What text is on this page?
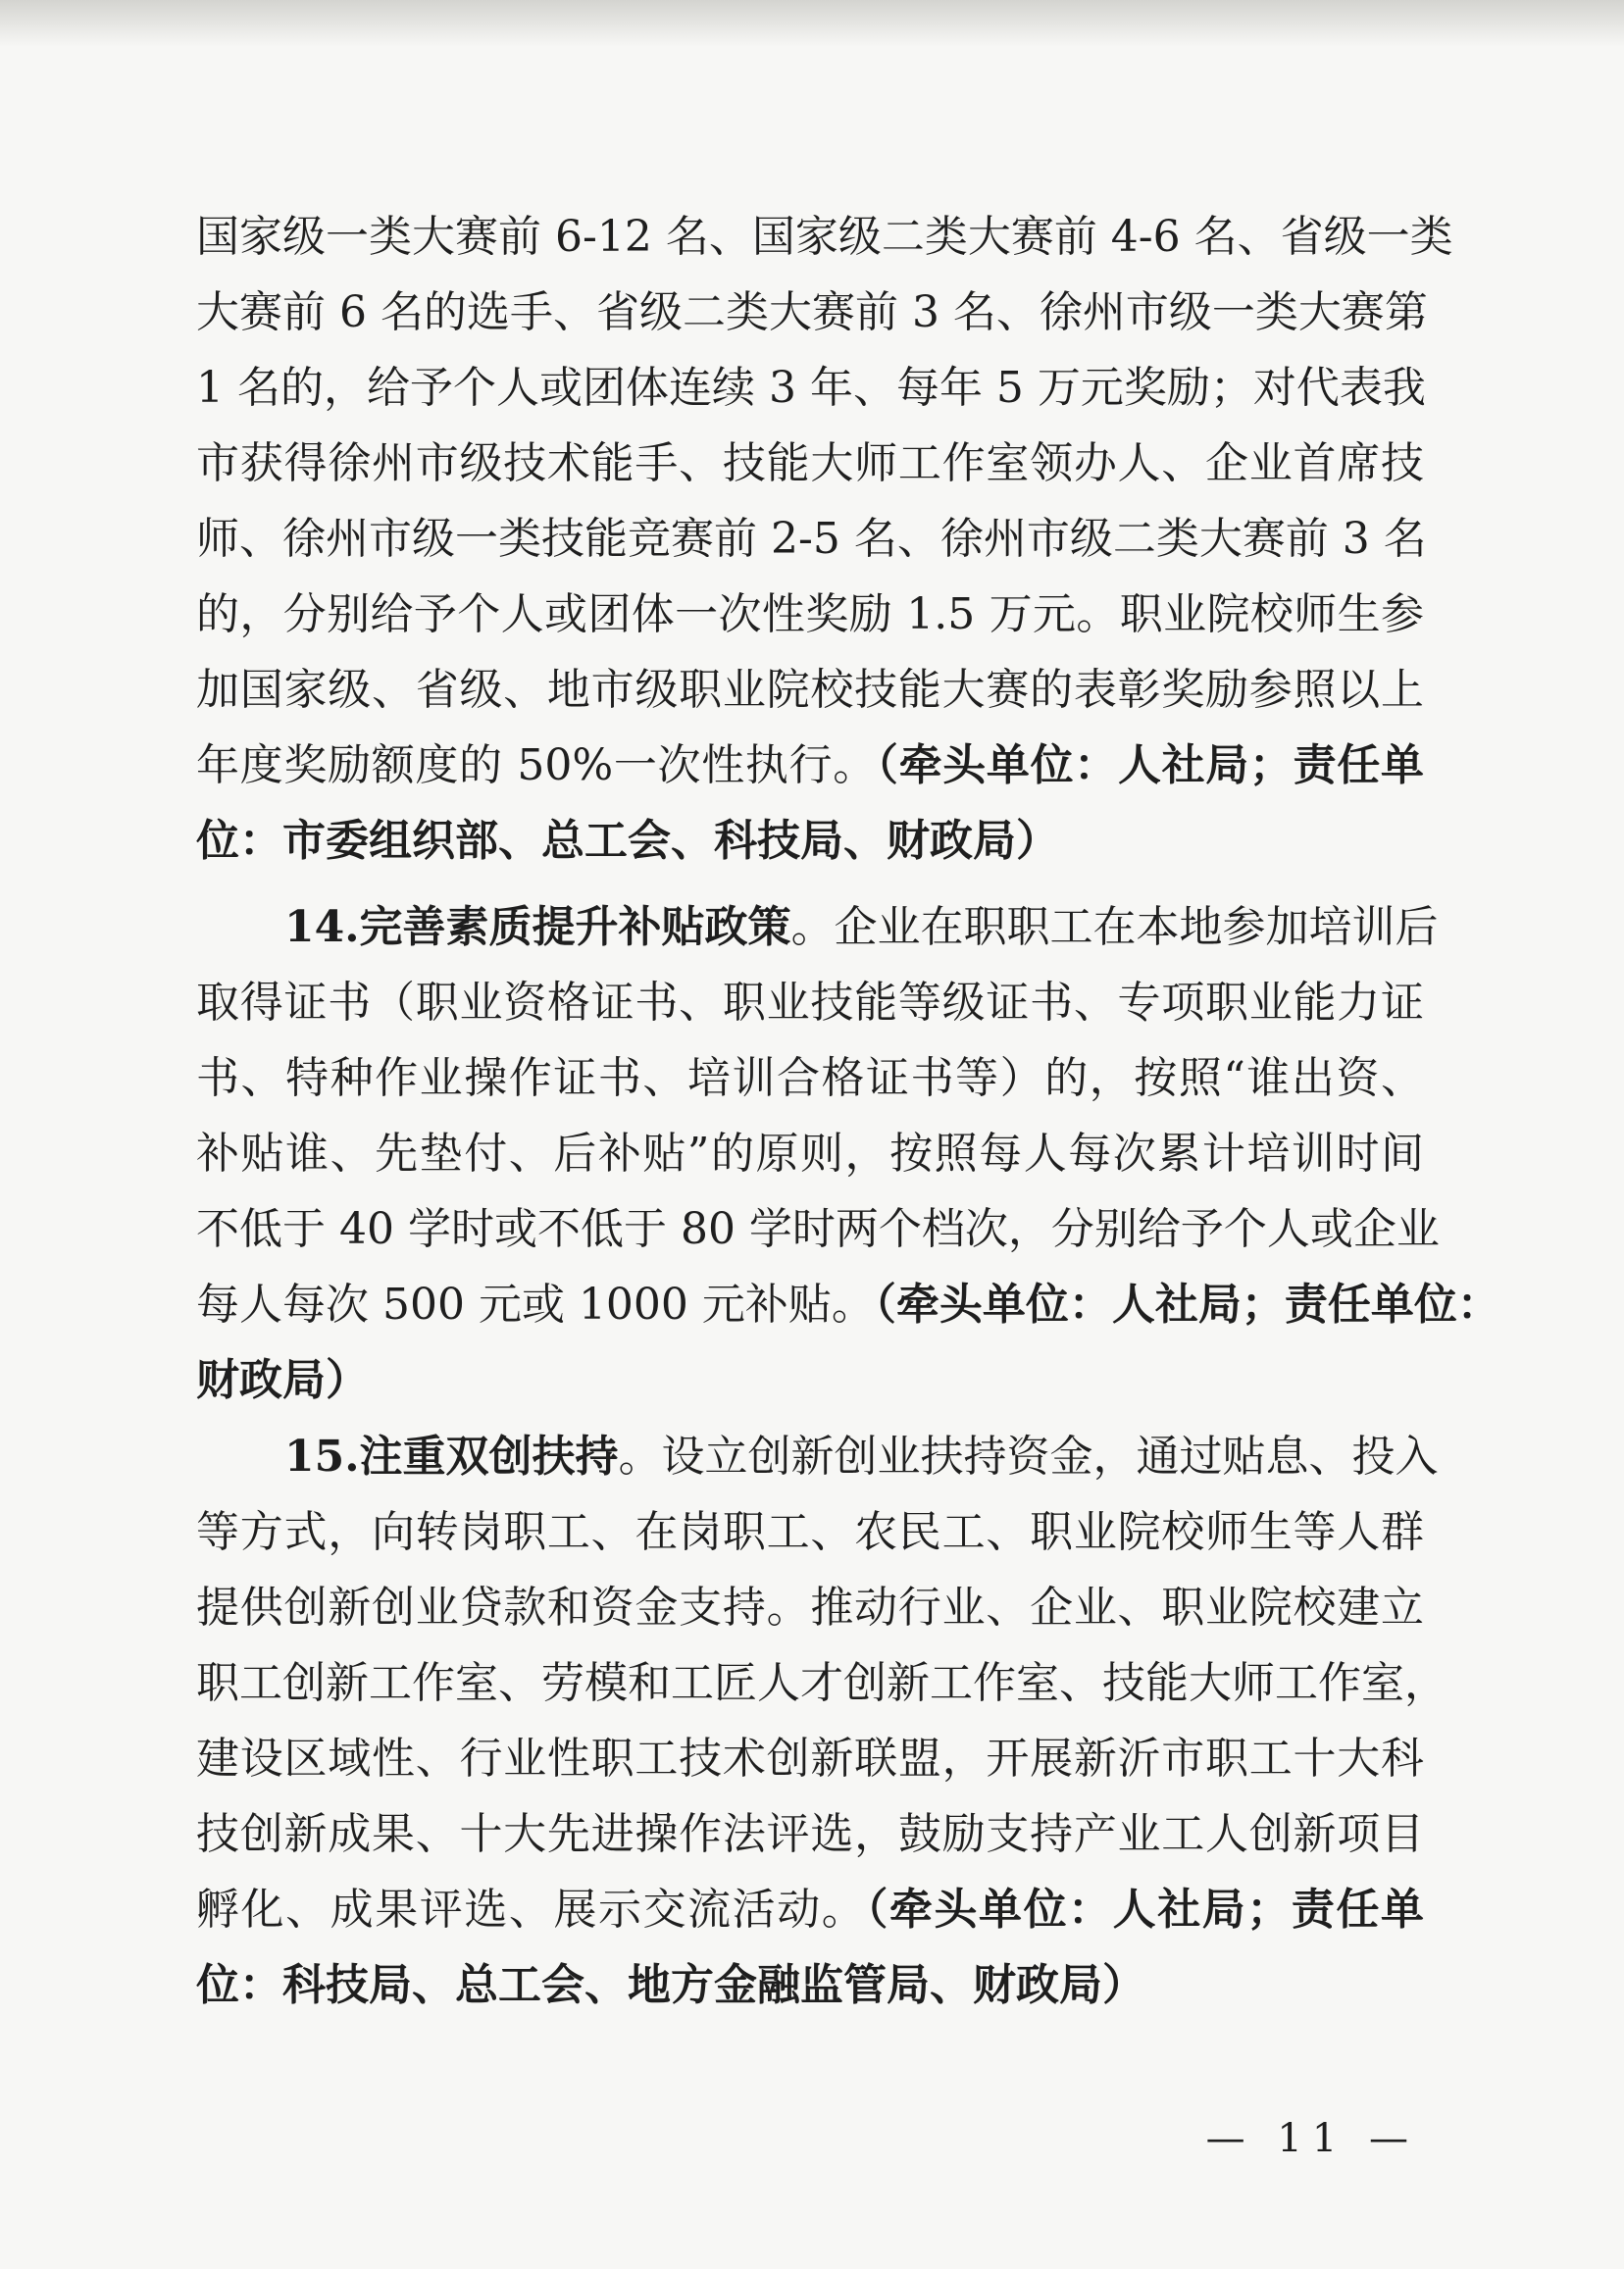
国家级一类大赛前 6-12 名、国家级二类大赛前 4-6 名、省级一类
大赛前 6 名的选手、省级二类大赛前 3 名、徐州市级一类大赛第
1 名的，给予个人或团体连续 3 年、每年 5 万元奖励；对代表我
市获得徐州市级技术能手、技能大师工作室领办人、企业首席技
师、徐州市级一类技能竞赛前 2-5 名、徐州市级二类大赛前 3 名
的，分别给予个人或团体一次性奖励 1.5 万元。职业院校师生参
加国家级、省级、地市级职业院校技能大赛的表彰奖励参照以上
年度奖励额度的 50%一次性执行。（牵头单位：人社局；责任单
位：市委组织部、总工会、科技局、财政局）
14.完善素质提升补贴政策。企业在职职工在本地参加培训后
取得证书（职业资格证书、职业技能等级证书、专项职业能力证
书、特种作业操作证书、培训合格证书等）的，按照“谁出资、
补贴谁、先垫付、后补贴”的原则，按照每人每次累计培训时间
不低于 40 学时或不低于 80 学时两个档次，分别给予个人或企业
每人每次 500 元或 1000 元补贴。（牵头单位：人社局；责任单位：
财政局）
15.注重双创扶持。设立创新创业扶持资金，通过贴息、投入
等方式，向转岗职工、在岗职工、农民工、职业院校师生等人群
提供创新创业贷款和资金支持。推动行业、企业、职业院校建立
职工创新工作室、劳模和工匠人才创新工作室、技能大师工作室，
建设区域性、行业性职工技术创新联盟，开展新沂市职工十大科
技创新成果、十大先进操作法评选，鼓励支持产业工人创新项目
孵化、成果评选、展示交流活动。（牵头单位：人社局；责任单
位：科技局、总工会、地方金融监管局、财政局）
— 11 —
